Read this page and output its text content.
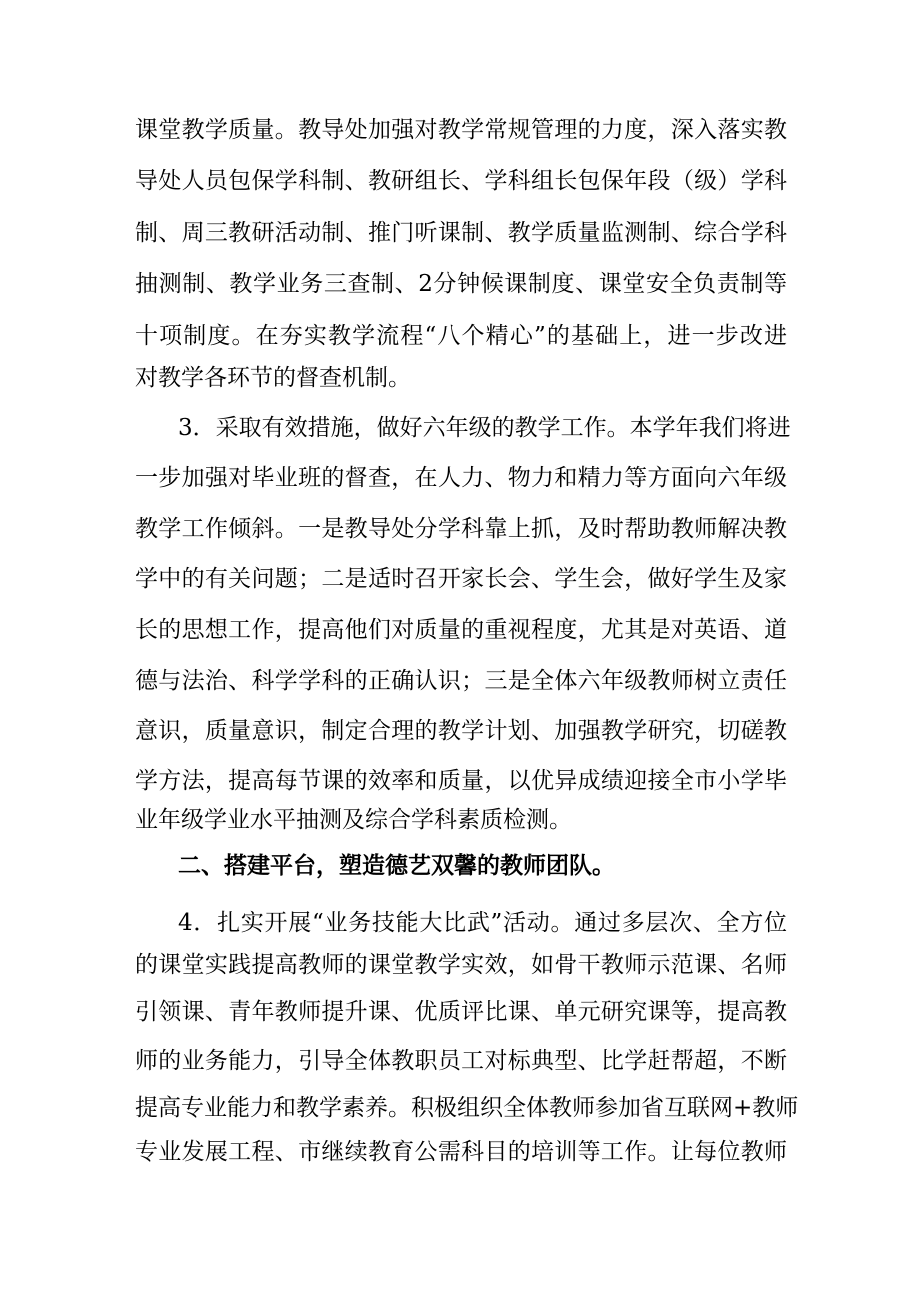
课堂教学质量。教导处加强对教学常规管理的力度，深入落实教
导处人员包保学科制、教研组长、学科组长包保年段（级）学科
制、周三教研活动制、推门听课制、教学质量监测制、综合学科
抽测制、教学业务三查制、2分钟候课制度、课堂安全负责制等
十项制度。在夯实教学流程“八个精心”的基础上，进一步改进
对教学各环节的督查机制。
3．采取有效措施，做好六年级的教学工作。本学年我们将进
一步加强对毕业班的督查，在人力、物力和精力等方面向六年级
教学工作倾斜。一是教导处分学科靠上抓，及时帮助教师解决教
学中的有关问题；二是适时召开家长会、学生会，做好学生及家
长的思想工作，提高他们对质量的重视程度，尤其是对英语、道
德与法治、科学学科的正确认识；三是全体六年级教师树立责任
意识，质量意识，制定合理的教学计划、加强教学研究，切磋教
学方法，提高每节课的效率和质量，以优异成绩迎接全市小学毕
业年级学业水平抽测及综合学科素质检测。
二、搭建平台，塑造德艺双馨的教师团队。
4．扎实开展“业务技能大比武”活动。通过多层次、全方位
的课堂实践提高教师的课堂教学实效，如骨干教师示范课、名师
引领课、青年教师提升课、优质评比课、单元研究课等，提高教
师的业务能力，引导全体教职员工对标典型、比学赶帮超，不断
提高专业能力和教学素养。积极组织全体教师参加省互联网+教师
专业发展工程、市继续教育公需科目的培训等工作。让每位教师
